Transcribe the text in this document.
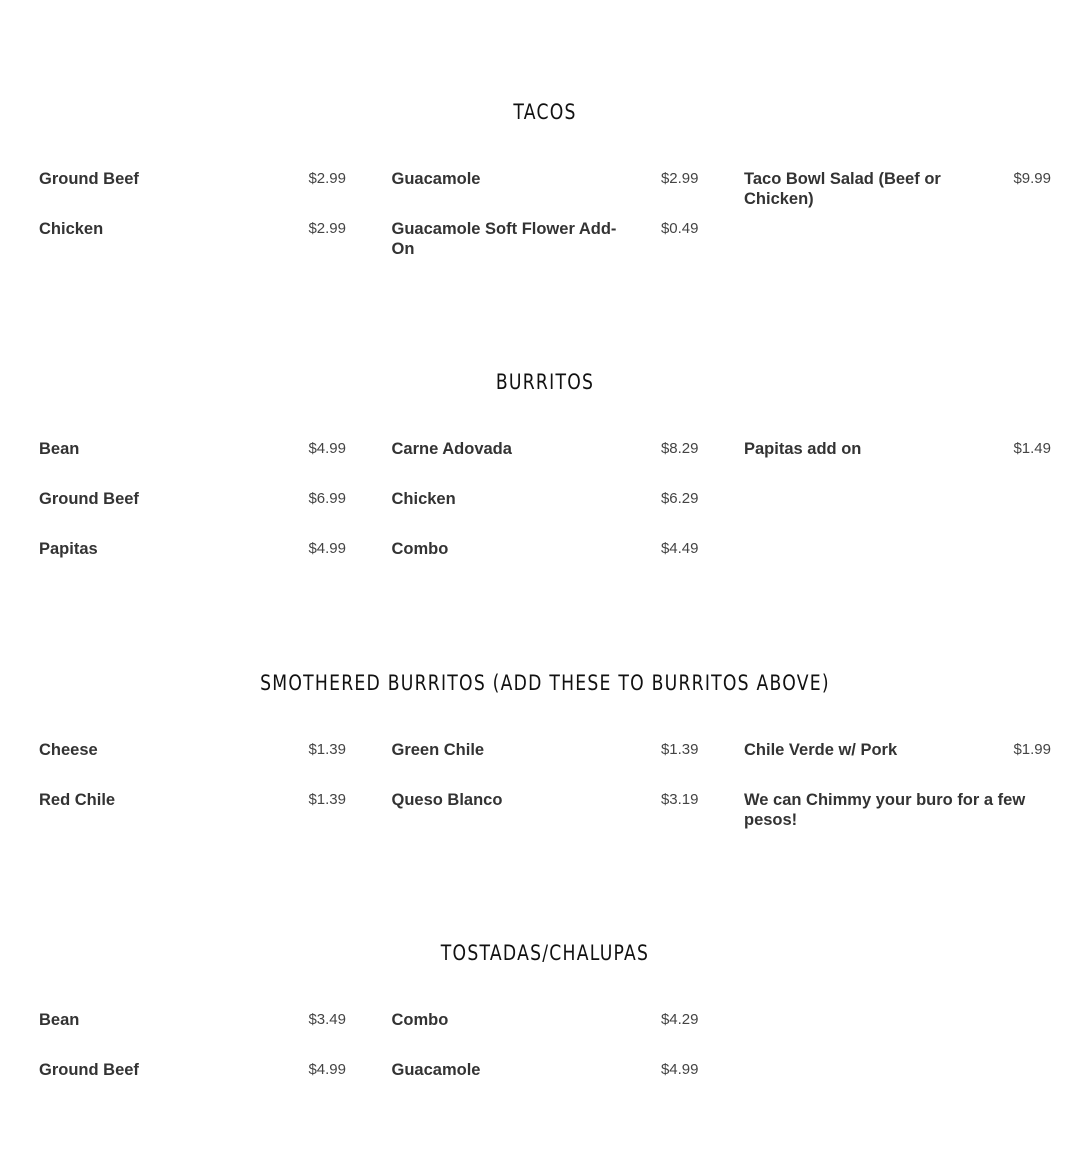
TACOS
Ground Beef	$2.99
Chicken	$2.99
Guacamole	$2.99
Guacamole Soft Flower Add-On
$0.49
Taco Bowl Salad (Beef or Chicken)
$9.99
BURRITOS
Bean	$4.99
Ground Beef	$6.99
Papitas	$4.99
Carne Adovada	$8.29
Chicken	$6.29
Combo	$4.49
Papitas add on	$1.49
SMOTHERED BURRITOS (ADD THESE TO BURRITOS ABOVE)
Cheese	$1.39
Red Chile	$1.39
Green Chile	$1.39
Queso Blanco	$3.19
Chile Verde w/ Pork	$1.99
We can Chimmy your buro for a few pesos!
TOSTADAS/CHALUPAS
Bean	$3.49
Ground Beef	$4.99
Combo	$4.29
Guacamole	$4.99
